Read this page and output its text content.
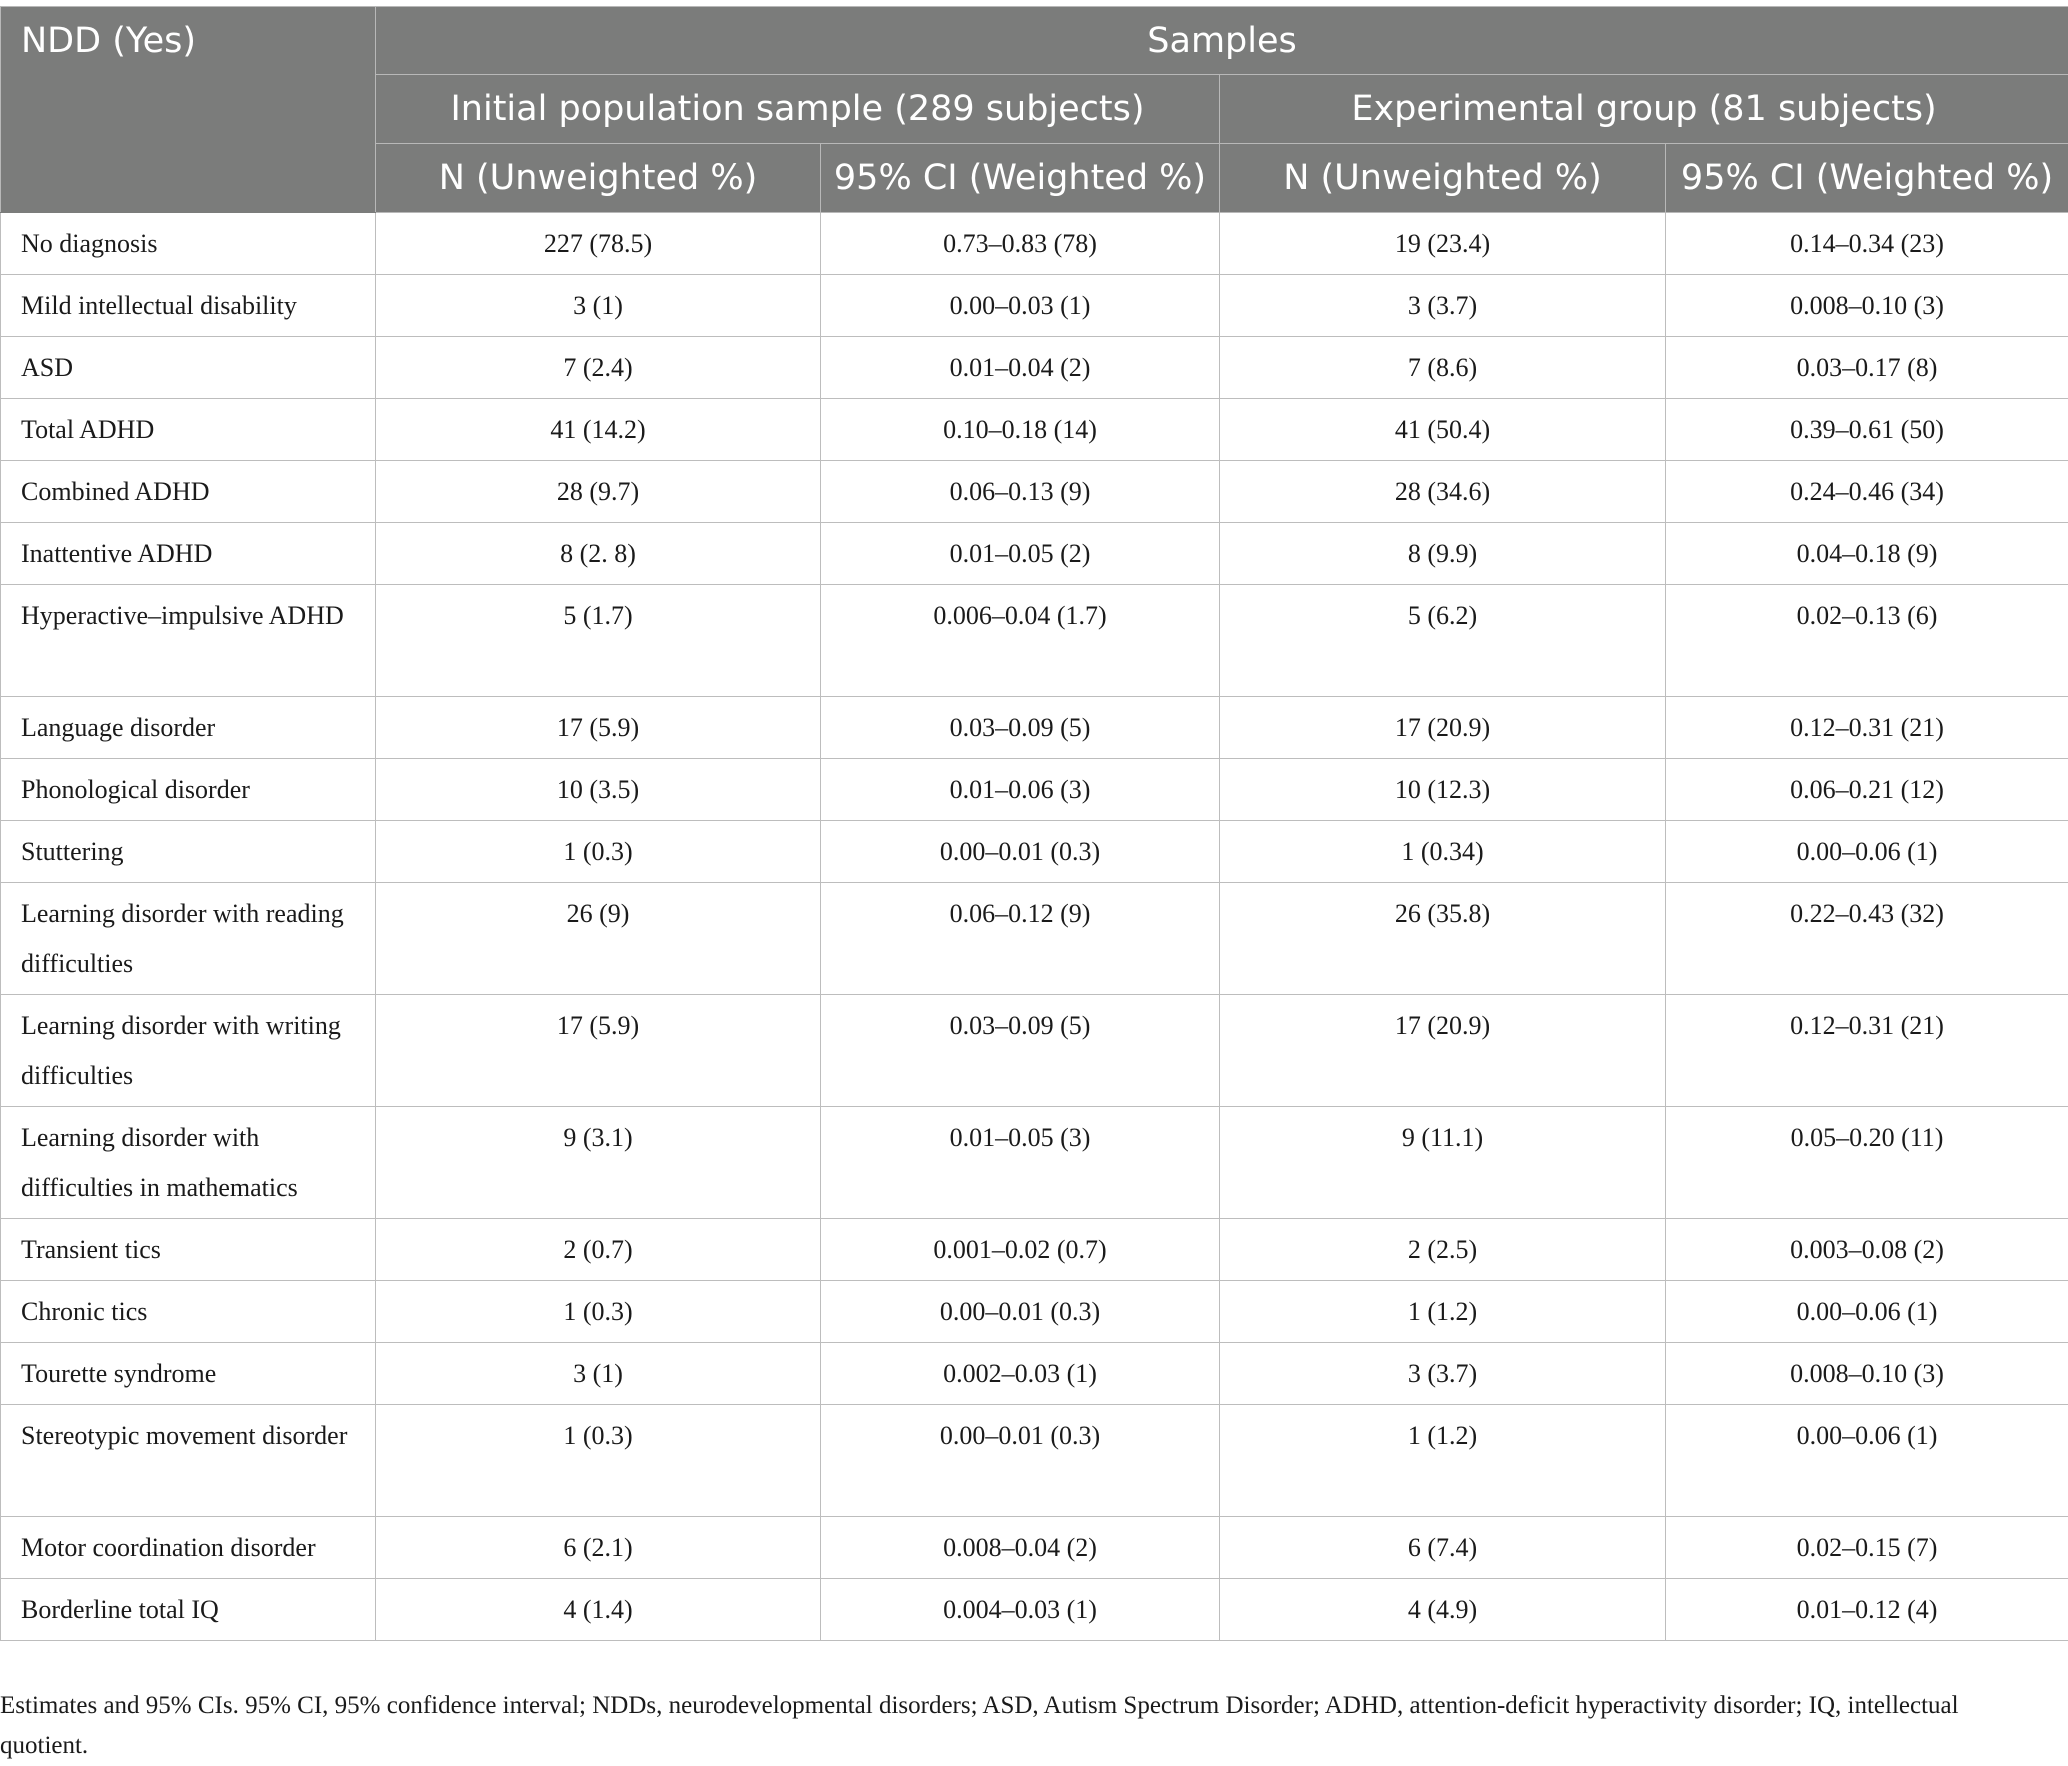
NDD (Yes)	Samples			
	Initial population sample (289 subjects)		Experimental group (81 subjects)	
	N (Unweighted %)	95% CI (Weighted %)	N (Unweighted %)	95% CI (Weighted %)

No diagnosis	227 (78.5)	0.73–0.83 (78)	19 (23.4)	0.14–0.34 (23)

Mild intellectual disability	3 (1)	0.00–0.03 (1)	3 (3.7)	0.008–0.10 (3)

ASD	7 (2.4)	0.01–0.04 (2)	7 (8.6)	0.03–0.17 (8)

Total ADHD	41 (14.2)	0.10–0.18 (14)	41 (50.4)	0.39–0.61 (50)

Combined ADHD	28 (9.7)	0.06–0.13 (9)	28 (34.6)	0.24–0.46 (34)

Inattentive ADHD	8 (2. 8)	0.01–0.05 (2)	8 (9.9)	0.04–0.18 (9)

Hyperactive–impulsive ADHD	5 (1.7)	0.006–0.04 (1.7)	5 (6.2)	0.02–0.13 (6)

Language disorder	17 (5.9)	0.03–0.09 (5)	17 (20.9)	0.12–0.31 (21)

Phonological disorder	10 (3.5)	0.01–0.06 (3)	10 (12.3)	0.06–0.21 (12)

Stuttering	1 (0.3)	0.00–0.01 (0.3)	1 (0.34)	0.00–0.06 (1)

Learning disorder with reading difficulties	26 (9)	0.06–0.12 (9)	26 (35.8)	0.22–0.43 (32)

Learning disorder with writing difficulties	17 (5.9)	0.03–0.09 (5)	17 (20.9)	0.12–0.31 (21)

Learning disorder with difficulties in mathematics	9 (3.1)	0.01–0.05 (3)	9 (11.1)	0.05–0.20 (11)

Transient tics	2 (0.7)	0.001–0.02 (0.7)	2 (2.5)	0.003–0.08 (2)

Chronic tics	1 (0.3)	0.00–0.01 (0.3)	1 (1.2)	0.00–0.06 (1)

Tourette syndrome	3 (1)	0.002–0.03 (1)	3 (3.7)	0.008–0.10 (3)

Stereotypic movement disorder	1 (0.3)	0.00–0.01 (0.3)	1 (1.2)	0.00–0.06 (1)

Motor coordination disorder	6 (2.1)	0.008–0.04 (2)	6 (7.4)	0.02–0.15 (7)

Borderline total IQ	4 (1.4)	0.004–0.03 (1)	4 (4.9)	0.01–0.12 (4)
Estimates and 95% CIs. 95% CI, 95% confidence interval; NDDs, neurodevelopmental disorders; ASD, Autism Spectrum Disorder; ADHD, attention-deficit hyperactivity disorder; IQ, intellectual quotient.
